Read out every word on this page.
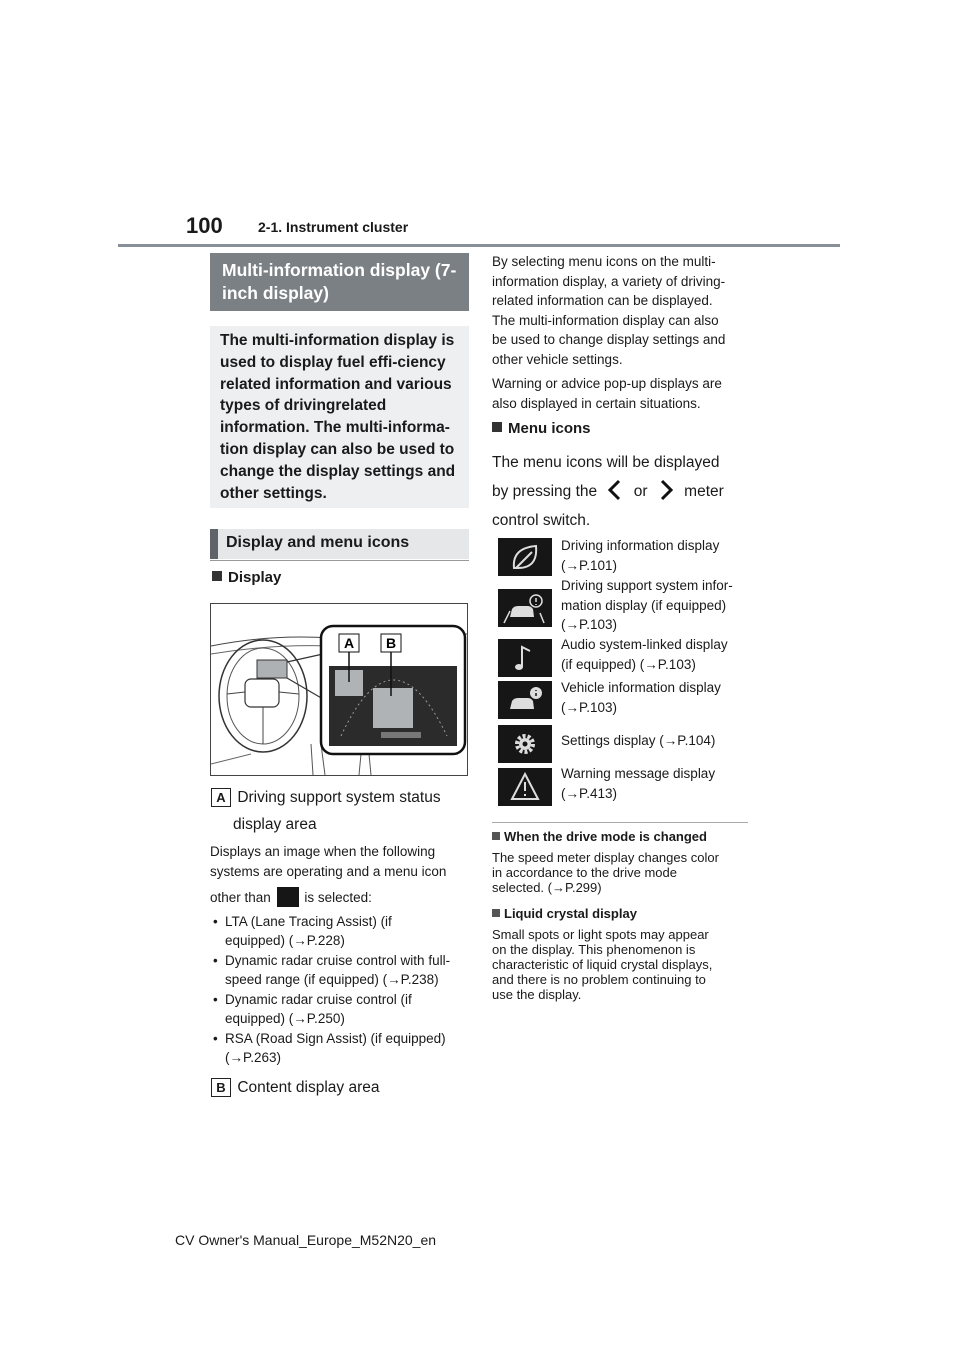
100	2-1. Instrument cluster
Multi-information display (7-inch display)
The multi-information display is used to display fuel effi-ciency related information and various types of drivingrelated information. The multi-informa-tion display can also be used to change the display settings and other settings.
Display and menu icons
Display
A B
A Driving support system status
display area
Displays an image when the following
systems are operating and a menu icon
other than is selected:
• LTA (Lane Tracing Assist) (if
equipped) (→P.228)
• Dynamic radar cruise control with full-
speed range (if equipped) (→P.238)
• Dynamic radar cruise control (if
equipped) (→P.250)
• RSA (Road Sign Assist) (if equipped)
(→P.263)
B Content display area
By selecting menu icons on the multi-
information display, a variety of driving-
related information can be displayed.
The multi-information display can also
be used to change display settings and
other vehicle settings.
Warning or advice pop-up displays are
also displayed in certain situations.
Menu icons
The menu icons will be displayed
by pressing the or meter
control switch.
Driving information display
(→P.101)
Driving support system infor-
mation display (if equipped)
(→P.103)
Audio system-linked display
(if equipped) (→P.103)
Vehicle information display
(→P.103)
Settings display (→P.104)
Warning message display
(→P.413)
When the drive mode is changed
The speed meter display changes color
in accordance to the drive mode
selected. (→P.299)
Liquid crystal display
Small spots or light spots may appear
on the display. This phenomenon is
characteristic of liquid crystal displays,
and there is no problem continuing to
use the display.
CV Owner's Manual_Europe_M52N20_en
